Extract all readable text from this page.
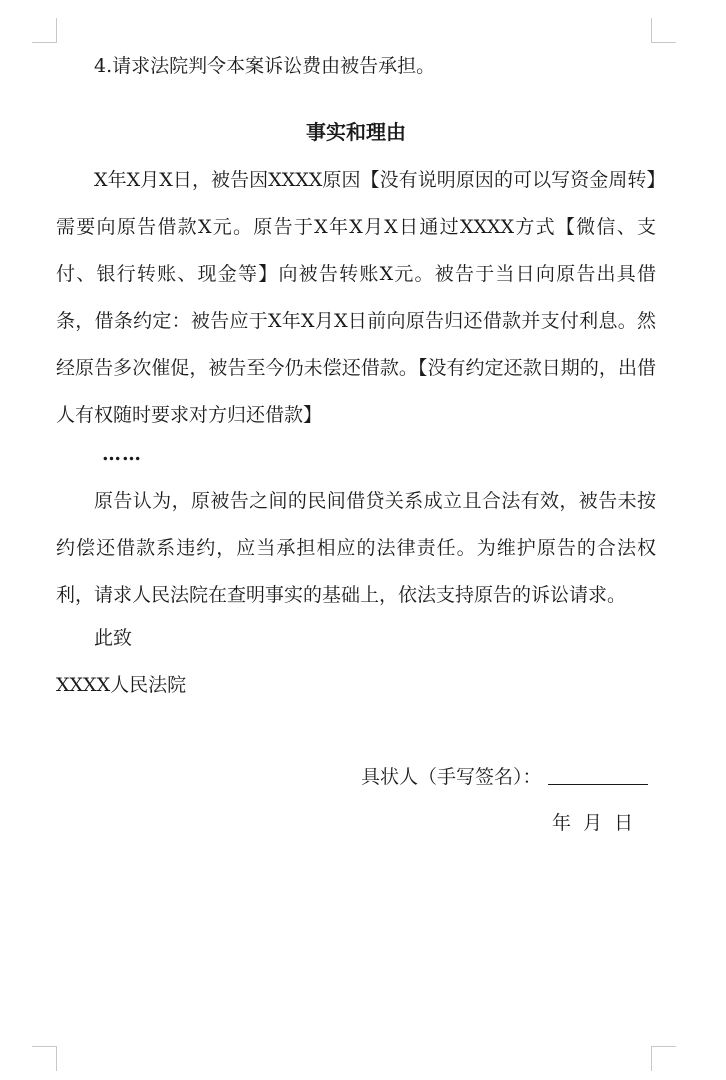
4.请求法院判令本案诉讼费由被告承担。

事实和理由

X年X月X日，被告因XXXX原因【没有说明原因的可以写资金周转】需要向原告借款X元。原告于X年X月X日通过XXXX方式【微信、支付、银行转账、现金等】向被告转账X元。被告于当日向原告出具借条，借条约定：被告应于X年X月X日前向原告归还借款并支付利息。然经原告多次催促，被告至今仍未偿还借款。【没有约定还款日期的，出借人有权随时要求对方归还借款】

……

原告认为，原被告之间的民间借贷关系成立且合法有效，被告未按约偿还借款系违约，应当承担相应的法律责任。为维护原告的合法权利，请求人民法院在查明事实的基础上，依法支持原告的诉讼请求。

此致

XXXX人民法院

具状人（手写签名）：
年  月  日
